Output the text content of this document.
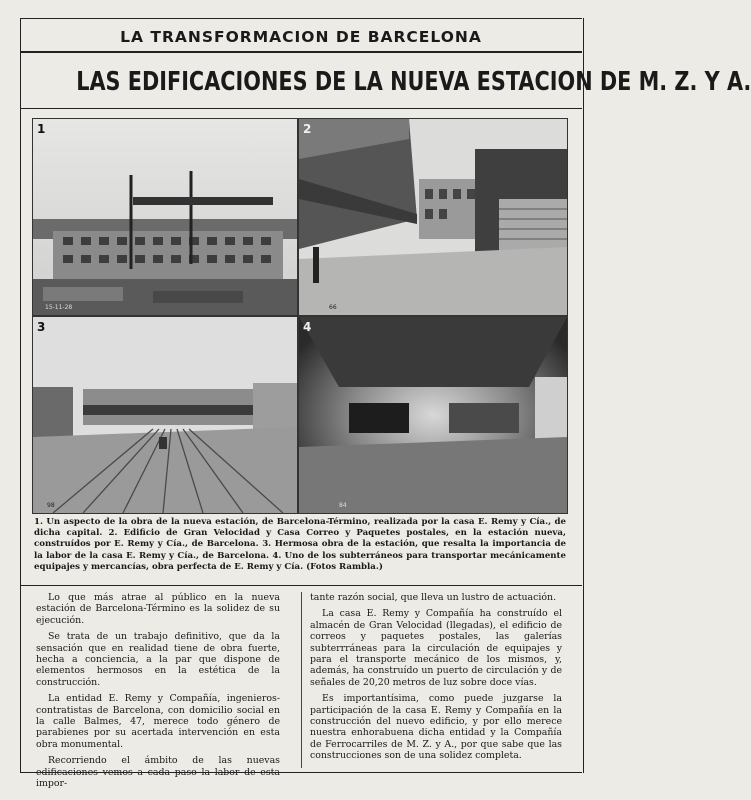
LA TRANSFORMACION DE BARCELONA
LAS EDIFICACIONES DE LA NUEVA ESTACION DE M. Z. Y A.
15-11-28
1
66
2
98
3
84
4
1. Un aspecto de la obra de la nueva estación, de Barcelona-Término, realizada por la casa E. Remy y Cía., de dicha capital. 2. Edificio de Gran Velocidad y Casa Correo y Paquetes postales, en la estación nueva, construídos por E. Remy y Cía., de Barcelona. 3. Hermosa obra de la estación, que resalta la importancia de la labor de la casa E. Remy y Cía., de Barcelona. 4. Uno de los subterráneos para transportar mecánicamente equipajes y mercancías, obra perfecta de E. Remy y Cía. (Fotos Rambla.)

Lo que más atrae al público en la nueva estación de Barcelona-Término es la solidez de su ejecución.

Se trata de un trabajo definitivo, que da la sensación que en realidad tiene de obra fuerte, hecha a conciencia, a la par que dispone de elementos hermosos en la estética de la construcción.

La entidad E. Remy y Compañía, ingenieros-contratistas de Barcelona, con domicilio social en la calle Balmes, 47, merece todo género de parabienes por su acertada intervención en esta obra monumental.

Recorriendo el ámbito de las nuevas edificaciones vemos a cada paso la labor de esta impor-

tante razón social, que lleva un lustro de actuación.

La casa E. Remy y Compañía ha construído el almacén de Gran Velocidad (llegadas), el edificio de correos y paquetes postales, las galerías subterrráneas para la circulación de equipajes y para el transporte mecánico de los mismos, y, además, ha construído un puerto de circulación y de señales de 20,20 metros de luz sobre doce vías.

Es importantísima, como puede juzgarse la participación de la casa E. Remy y Compañía en la construcción del nuevo edificio, y por ello merece nuestra enhorabuena dicha entidad y la Compañía de Ferrocarriles de M. Z. y A., por que sabe que las construcciones son de una solidez completa.
